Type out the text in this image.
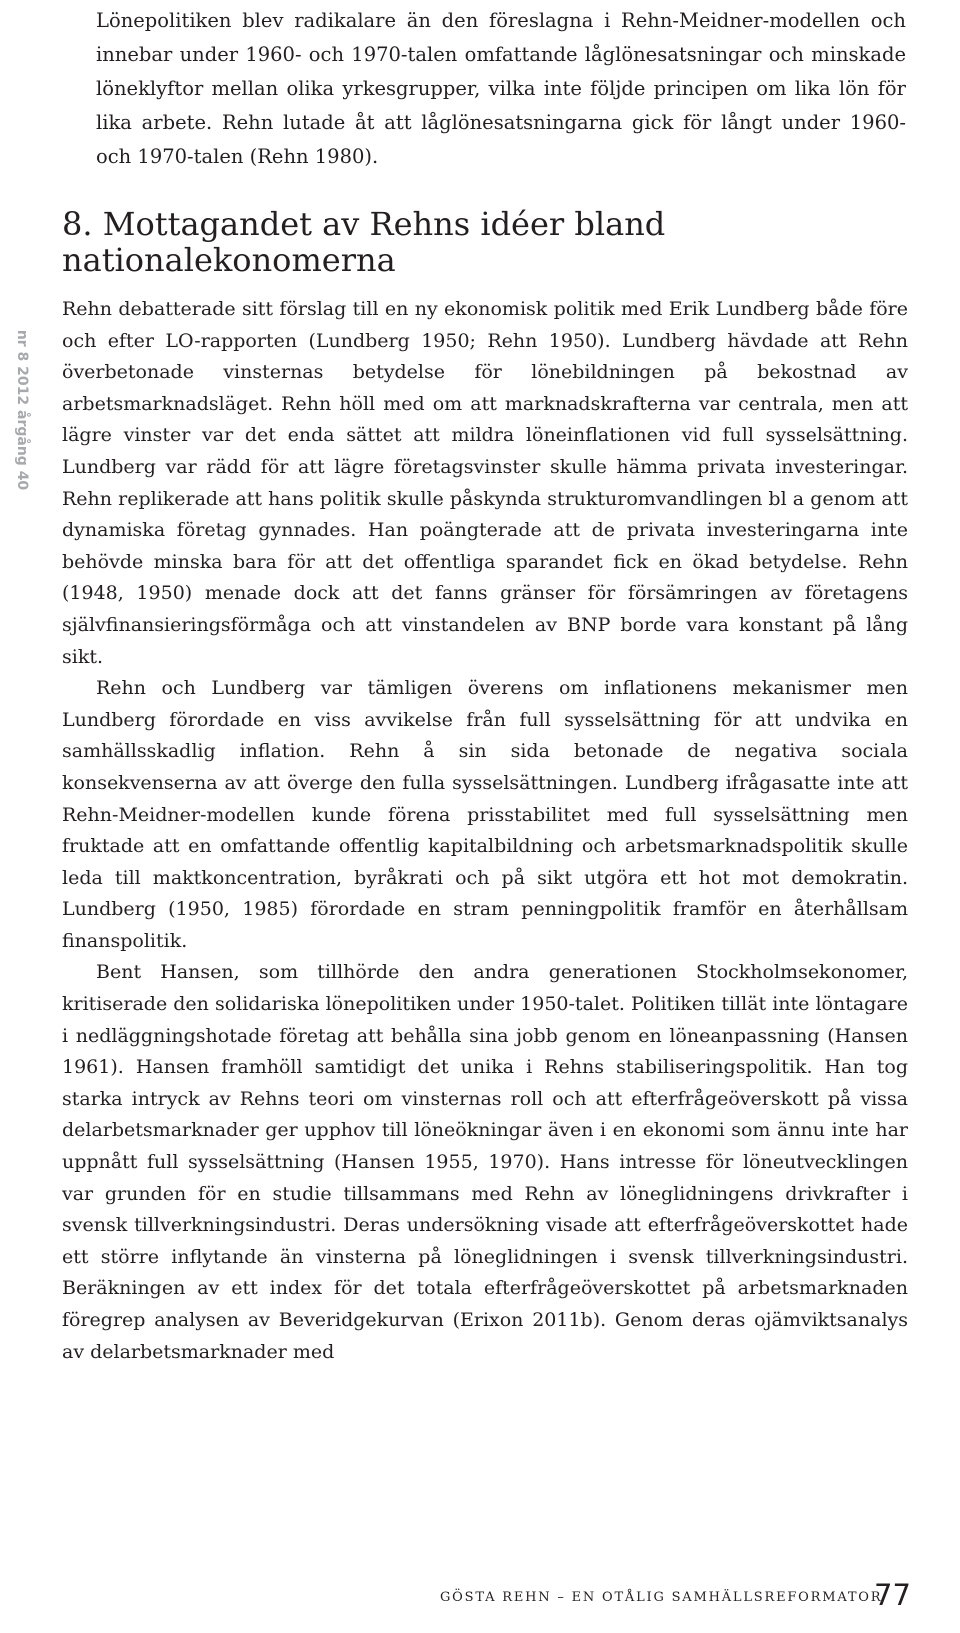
nr 8 2012 årgång 40

Lönepolitiken blev radikalare än den föreslagna i Rehn-Meidner-modellen och innebar under 1960- och 1970-talen omfattande låglönesatsningar och minskade löneklyftor mellan olika yrkesgrupper, vilka inte följde principen om lika lön för lika arbete. Rehn lutade åt att låglönesatsningarna gick för långt under 1960- och 1970-talen (Rehn 1980).

8. Mottagandet av Rehns idéer bland nationalekonomerna

Rehn debatterade sitt förslag till en ny ekonomisk politik med Erik Lundberg både före och efter LO-rapporten (Lundberg 1950; Rehn 1950). Lundberg hävdade att Rehn överbetonade vinsternas betydelse för lönebildningen på bekostnad av arbetsmarknadsläget. Rehn höll med om att marknadskrafterna var centrala, men att lägre vinster var det enda sättet att mildra löneinflationen vid full sysselsättning. Lundberg var rädd för att lägre företagsvinster skulle hämma privata investeringar. Rehn replikerade att hans politik skulle påskynda strukturomvandlingen bl a genom att dynamiska företag gynnades. Han poängterade att de privata investeringarna inte behövde minska bara för att det offentliga sparandet fick en ökad betydelse. Rehn (1948, 1950) menade dock att det fanns gränser för försämringen av företagens självfinansieringsförmåga och att vinstandelen av BNP borde vara konstant på lång sikt.

Rehn och Lundberg var tämligen överens om inflationens mekanismer men Lundberg förordade en viss avvikelse från full sysselsättning för att undvika en samhällsskadlig inflation. Rehn å sin sida betonade de negativa sociala konsekvenserna av att överge den fulla sysselsättningen. Lundberg ifrågasatte inte att Rehn-Meidner-modellen kunde förena prisstabilitet med full sysselsättning men fruktade att en omfattande offentlig kapitalbildning och arbetsmarknadspolitik skulle leda till maktkoncentration, byråkrati och på sikt utgöra ett hot mot demokratin. Lundberg (1950, 1985) förordade en stram penningpolitik framför en återhållsam finanspolitik.

Bent Hansen, som tillhörde den andra generationen Stockholmsekonomer, kritiserade den solidariska lönepolitiken under 1950-talet. Politiken tillät inte löntagare i nedläggningshotade företag att behålla sina jobb genom en löneanpassning (Hansen 1961). Hansen framhöll samtidigt det unika i Rehns stabiliseringspolitik. Han tog starka intryck av Rehns teori om vinsternas roll och att efterfrågeöverskott på vissa delarbetsmarknader ger upphov till löneökningar även i en ekonomi som ännu inte har uppnått full sysselsättning (Hansen 1955, 1970). Hans intresse för löneutvecklingen var grunden för en studie tillsammans med Rehn av löneglidningens drivkrafter i svensk tillverkningsindustri. Deras undersökning visade att efterfrågeöverskottet hade ett större inflytande än vinsterna på löneglidningen i svensk tillverkningsindustri. Beräkningen av ett index för det totala efterfrågeöverskottet på arbetsmarknaden föregrep analysen av Beveridgekurvan (Erixon 2011b). Genom deras ojämviktsanalys av delarbetsmarknader med

GÖSTA REHN – EN OTÅLIG SAMHÄLLSREFORMATOR
77
